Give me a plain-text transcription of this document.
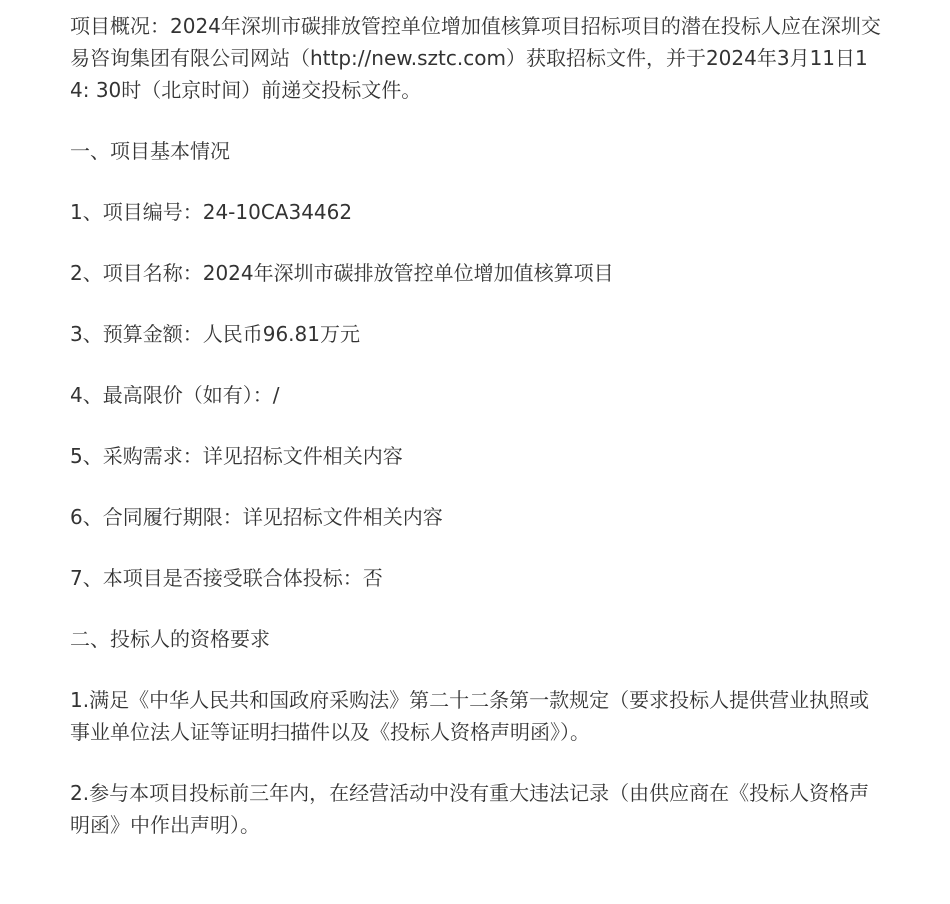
项目概况：2024年深圳市碳排放管控单位增加值核算项目招标项目的潜在投标人应在深圳交易咨询集团有限公司网站（http://new.sztc.com）获取招标文件，并于2024年3月11日14: 30时（北京时间）前递交投标文件。

一、项目基本情况

1、项目编号：24-10CA34462

2、项目名称：2024年深圳市碳排放管控单位增加值核算项目

3、预算金额：人民币96.81万元

4、最高限价（如有）：/

5、采购需求：详见招标文件相关内容

6、合同履行期限：详见招标文件相关内容

7、本项目是否接受联合体投标：否

二、投标人的资格要求

1.满足《中华人民共和国政府采购法》第二十二条第一款规定（要求投标人提供营业执照或事业单位法人证等证明扫描件以及《投标人资格声明函》）。

2.参与本项目投标前三年内，在经营活动中没有重大违法记录（由供应商在《投标人资格声明函》中作出声明）。
